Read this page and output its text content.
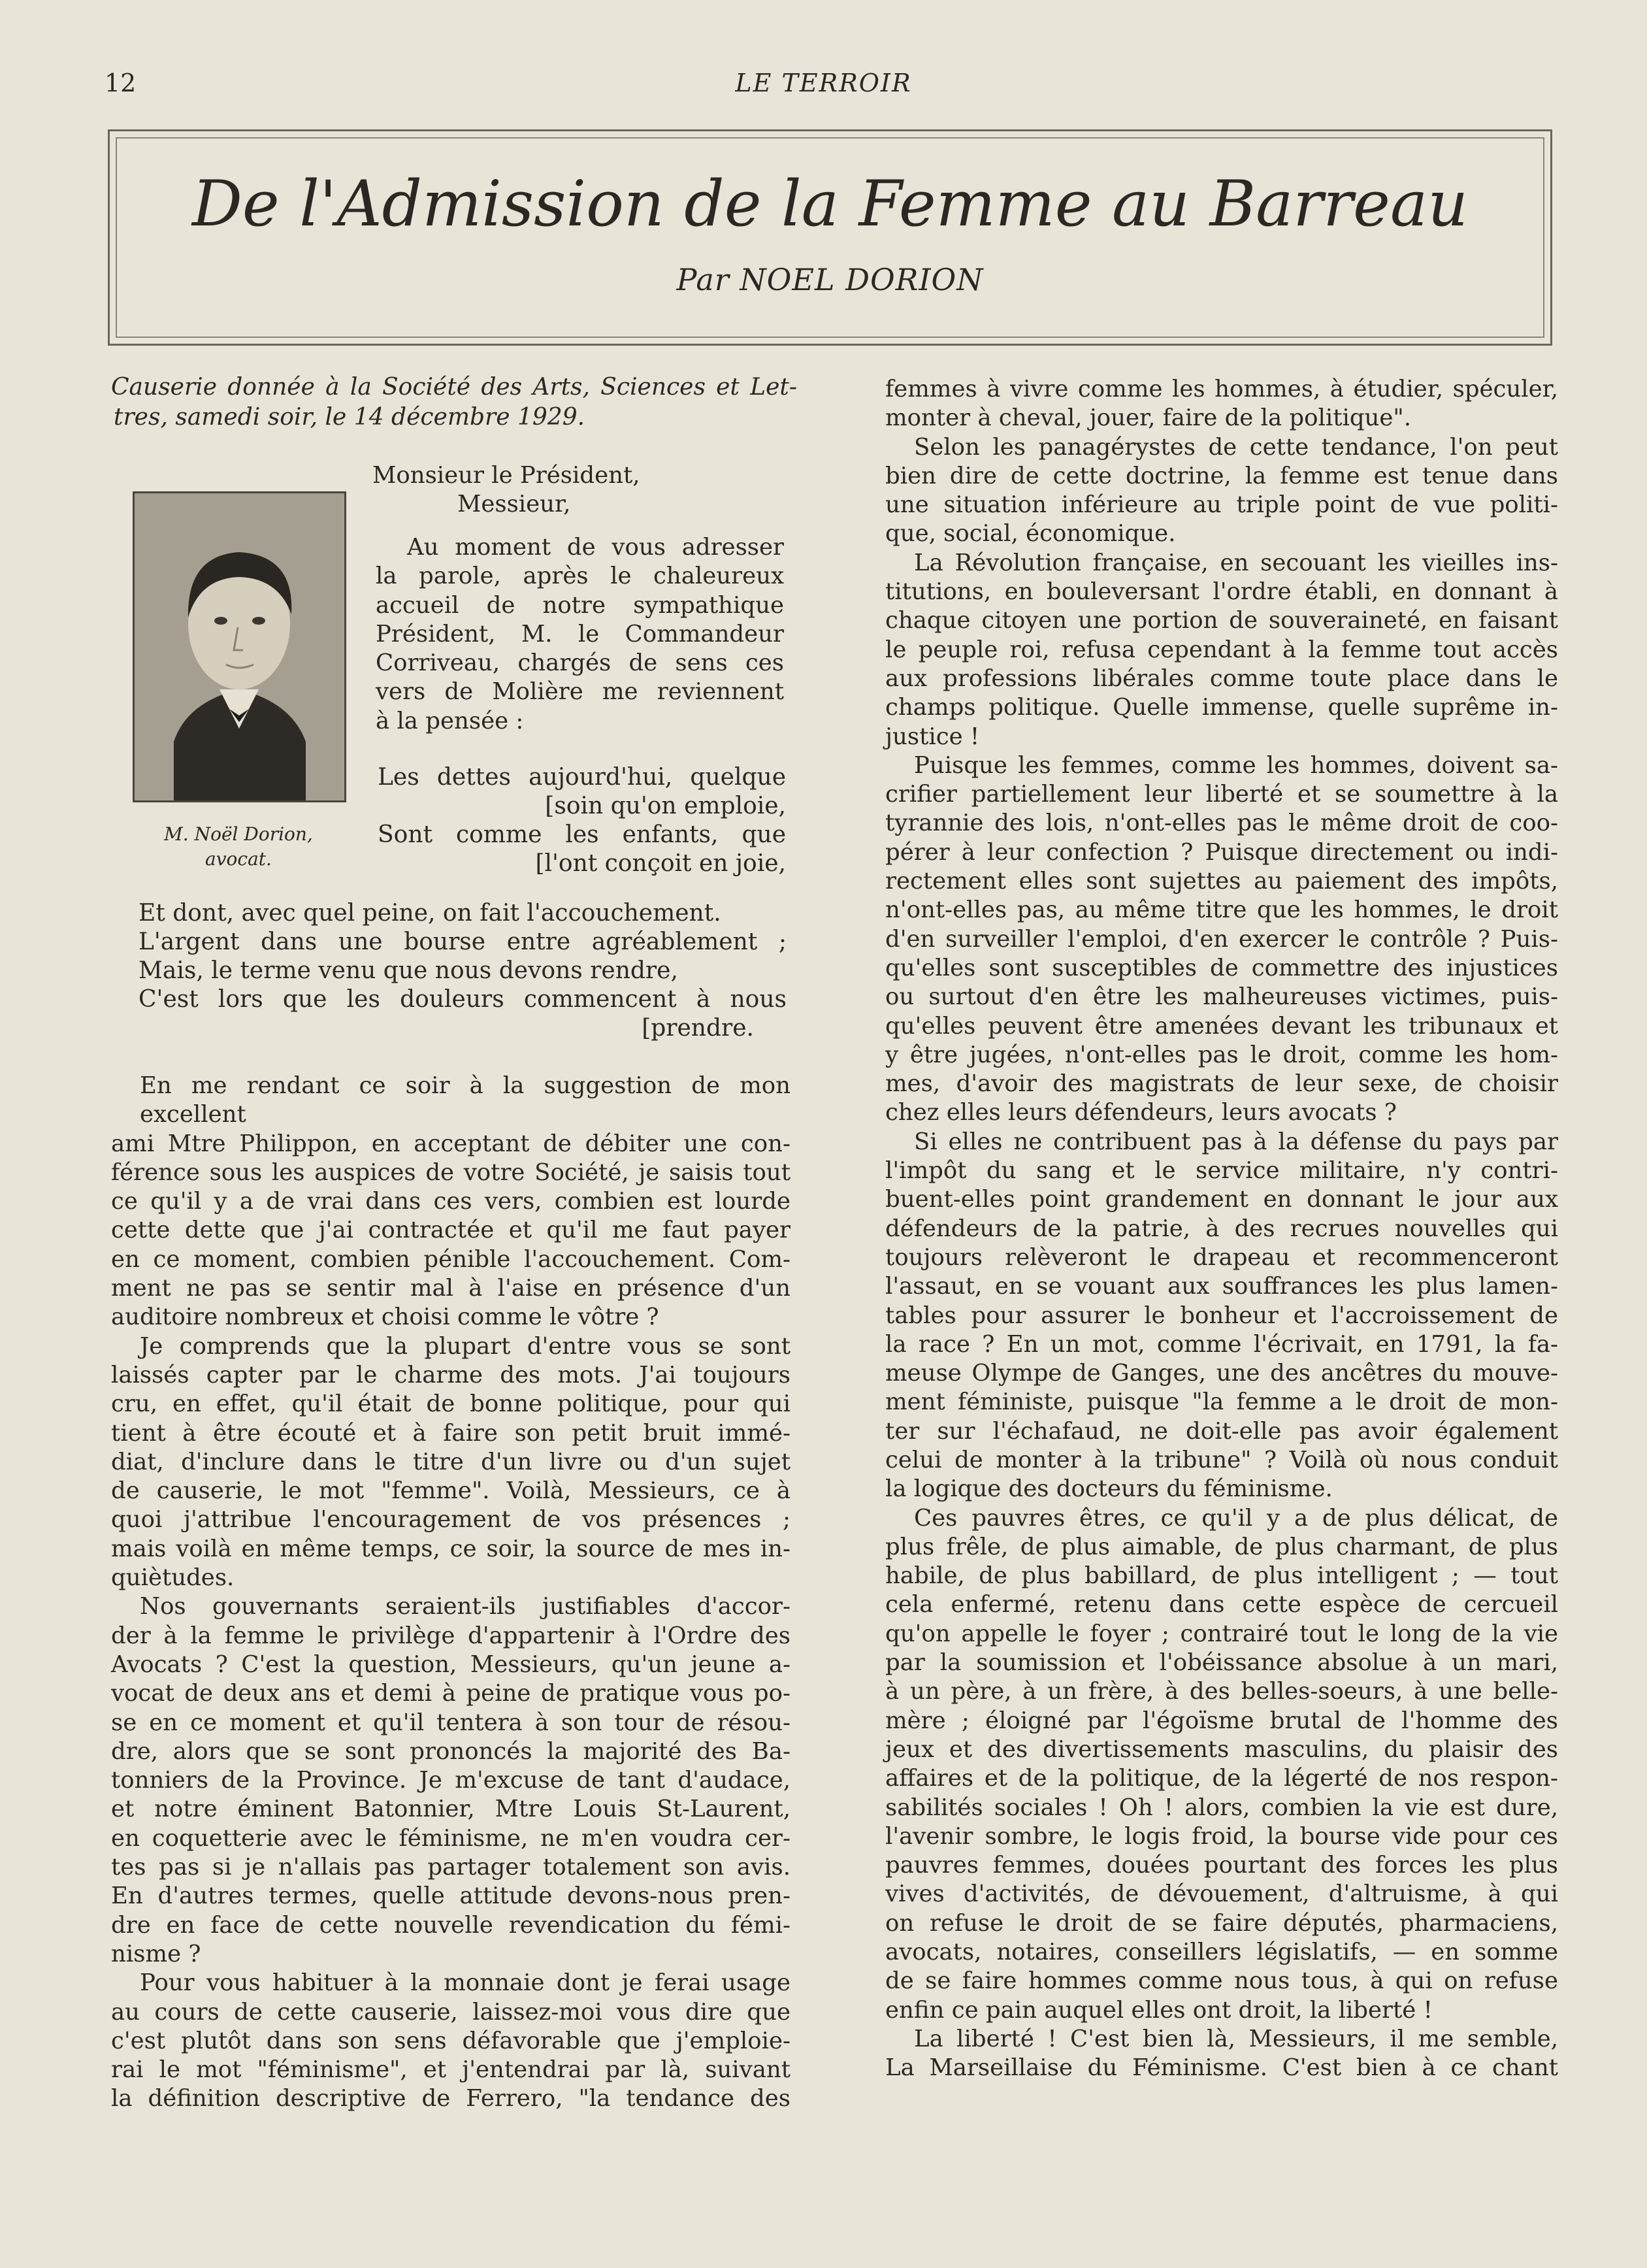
12	LE TERROIR
De l'Admission de la Femme au Barreau
Par NOEL DORION
Causerie donnée à la Société des Arts, Sciences et Let-
tres, samedi soir, le 14 décembre 1929.
M. Noël Dorion,
avocat.
Monsieur le Président,
Messieur,

Au moment de vous adresser

la parole, après le chaleureux

accueil de notre sympathique

Président, M. le Commandeur

Corriveau, chargés de sens ces

vers de Molière me reviennent

à la pensée :

Les dettes aujourd'hui, quelque
[soin qu'on emploie,
Sont comme les enfants, que
[l'ont conçoit en joie,
Et dont, avec quel peine, on fait l'accouchement.
L'argent dans une bourse entre agréablement ;
Mais, le terme venu que nous devons rendre,
C'est lors que les douleurs commencent à nous
[prendre.

En me rendant ce soir à la suggestion de mon excellent

ami Mtre Philippon, en acceptant de débiter une con-

férence sous les auspices de votre Société, je saisis tout

ce qu'il y a de vrai dans ces vers, combien est lourde

cette dette que j'ai contractée et qu'il me faut payer

en ce moment, combien pénible l'accouchement. Com-

ment ne pas se sentir mal à l'aise en présence d'un

auditoire nombreux et choisi comme le vôtre ?

Je comprends que la plupart d'entre vous se sont

laissés capter par le charme des mots. J'ai toujours

cru, en effet, qu'il était de bonne politique, pour qui

tient à être écouté et à faire son petit bruit immé-

diat, d'inclure dans le titre d'un livre ou d'un sujet

de causerie, le mot "femme". Voilà, Messieurs, ce à

quoi j'attribue l'encouragement de vos présences ;

mais voilà en même temps, ce soir, la source de mes in-

quiètudes.

Nos gouvernants seraient-ils justifiables d'accor-

der à la femme le privilège d'appartenir à l'Ordre des

Avocats ? C'est la question, Messieurs, qu'un jeune a-

vocat de deux ans et demi à peine de pratique vous po-

se en ce moment et qu'il tentera à son tour de résou-

dre, alors que se sont prononcés la majorité des Ba-

tonniers de la Province. Je m'excuse de tant d'audace,

et notre éminent Batonnier, Mtre Louis St-Laurent,

en coquetterie avec le féminisme, ne m'en voudra cer-

tes pas si je n'allais pas partager totalement son avis.

En d'autres termes, quelle attitude devons-nous pren-

dre en face de cette nouvelle revendication du fémi-

nisme ?

Pour vous habituer à la monnaie dont je ferai usage

au cours de cette causerie, laissez-moi vous dire que

c'est plutôt dans son sens défavorable que j'emploie-

rai le mot "féminisme", et j'entendrai par là, suivant

la définition descriptive de Ferrero, "la tendance des

femmes à vivre comme les hommes, à étudier, spéculer,

monter à cheval, jouer, faire de la politique".

Selon les panagérystes de cette tendance, l'on peut

bien dire de cette doctrine, la femme est tenue dans

une situation inférieure au triple point de vue politi-

que, social, économique.

La Révolution française, en secouant les vieilles ins-

titutions, en bouleversant l'ordre établi, en donnant à

chaque citoyen une portion de souveraineté, en faisant

le peuple roi, refusa cependant à la femme tout accès

aux professions libérales comme toute place dans le

champs politique. Quelle immense, quelle suprême in-

justice !

Puisque les femmes, comme les hommes, doivent sa-

crifier partiellement leur liberté et se soumettre à la

tyrannie des lois, n'ont-elles pas le même droit de coo-

pérer à leur confection ? Puisque directement ou indi-

rectement elles sont sujettes au paiement des impôts,

n'ont-elles pas, au même titre que les hommes, le droit

d'en surveiller l'emploi, d'en exercer le contrôle ? Puis-

qu'elles sont susceptibles de commettre des injustices

ou surtout d'en être les malheureuses victimes, puis-

qu'elles peuvent être amenées devant les tribunaux et

y être jugées, n'ont-elles pas le droit, comme les hom-

mes, d'avoir des magistrats de leur sexe, de choisir

chez elles leurs défendeurs, leurs avocats ?

Si elles ne contribuent pas à la défense du pays par

l'impôt du sang et le service militaire, n'y contri-

buent-elles point grandement en donnant le jour aux

défendeurs de la patrie, à des recrues nouvelles qui

toujours relèveront le drapeau et recommenceront

l'assaut, en se vouant aux souffrances les plus lamen-

tables pour assurer le bonheur et l'accroissement de

la race ? En un mot, comme l'écrivait, en 1791, la fa-

meuse Olympe de Ganges, une des ancêtres du mouve-

ment féministe, puisque "la femme a le droit de mon-

ter sur l'échafaud, ne doit-elle pas avoir également

celui de monter à la tribune" ? Voilà où nous conduit

la logique des docteurs du féminisme.

Ces pauvres êtres, ce qu'il y a de plus délicat, de

plus frêle, de plus aimable, de plus charmant, de plus

habile, de plus babillard, de plus intelligent ; — tout

cela enfermé, retenu dans cette espèce de cercueil

qu'on appelle le foyer ; contrairé tout le long de la vie

par la soumission et l'obéissance absolue à un mari,

à un père, à un frère, à des belles-soeurs, à une belle-

mère ; éloigné par l'égoïsme brutal de l'homme des

jeux et des divertissements masculins, du plaisir des

affaires et de la politique, de la légerté de nos respon-

sabilités sociales ! Oh ! alors, combien la vie est dure,

l'avenir sombre, le logis froid, la bourse vide pour ces

pauvres femmes, douées pourtant des forces les plus

vives d'activités, de dévouement, d'altruisme, à qui

on refuse le droit de se faire députés, pharmaciens,

avocats, notaires, conseillers législatifs, — en somme

de se faire hommes comme nous tous, à qui on refuse

enfin ce pain auquel elles ont droit, la liberté !

La liberté ! C'est bien là, Messieurs, il me semble,

La Marseillaise du Féminisme. C'est bien à ce chant
